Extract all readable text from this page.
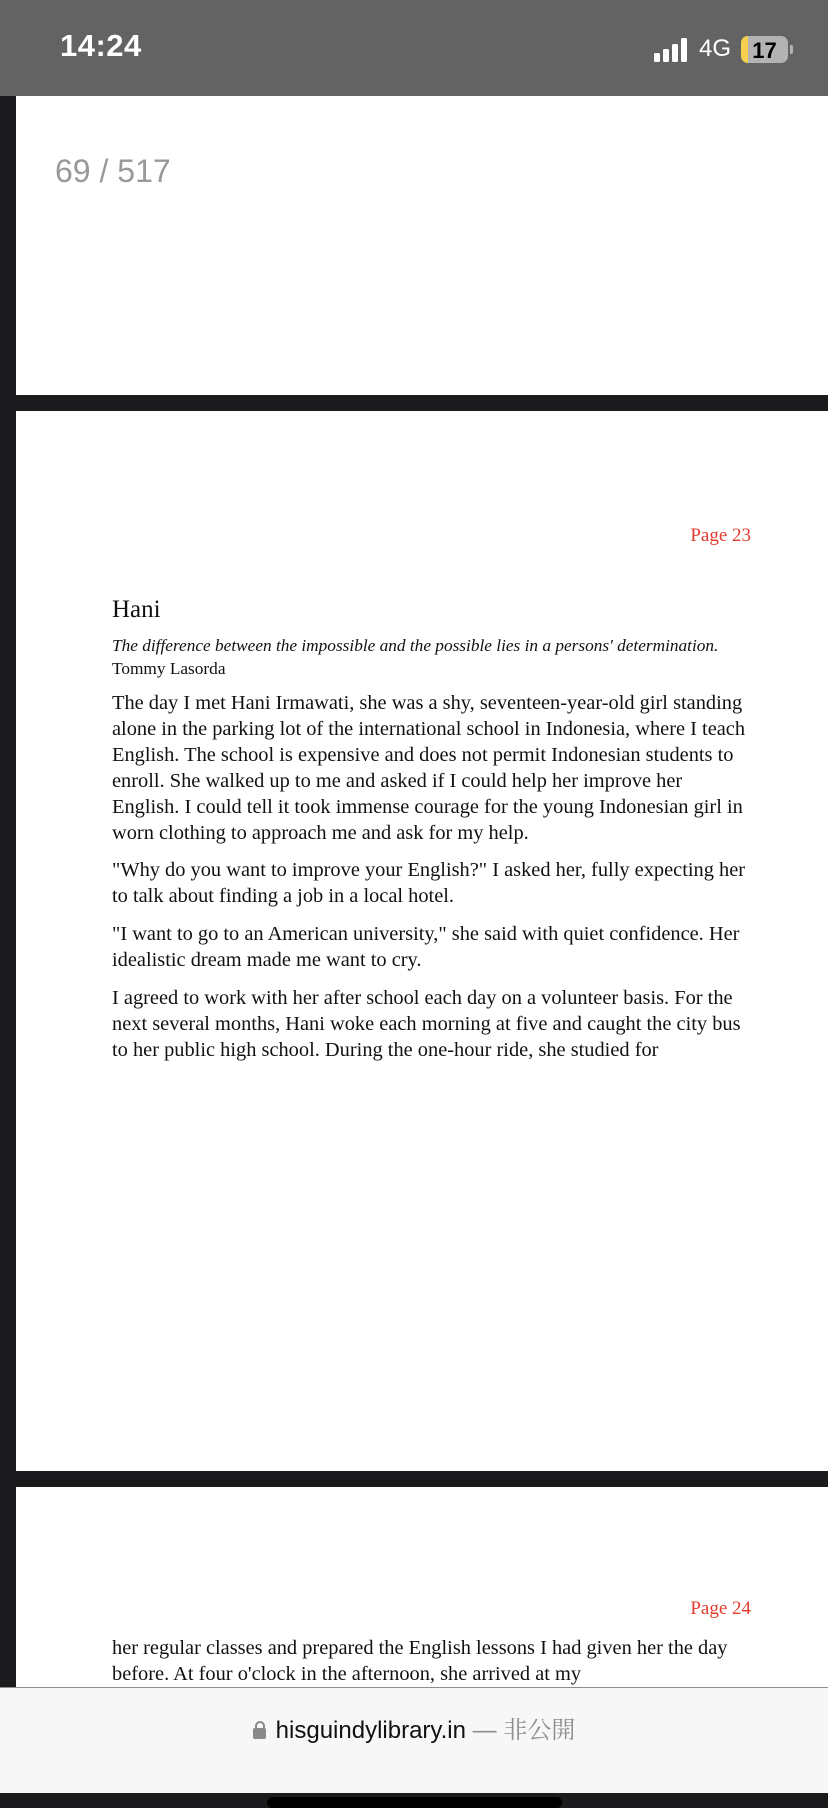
14:24	4G 17
69 / 517
Page 23
Hani

The difference between the impossible and the possible lies in a persons' determination.

Tommy Lasorda

The day I met Hani Irmawati, she was a shy, seventeen-year-old girl standing alone in the parking lot of the international school in Indonesia, where I teach English. The school is expensive and does not permit Indonesian students to enroll. She walked up to me and asked if I could help her improve her English. I could tell it took immense courage for the young Indonesian girl in worn clothing to approach me and ask for my help.

"Why do you want to improve your English?" I asked her, fully expecting her to talk about finding a job in a local hotel.

"I want to go to an American university," she said with quiet confidence. Her idealistic dream made me want to cry.

I agreed to work with her after school each day on a volunteer basis. For the next several months, Hani woke each morning at five and caught the city bus to her public high school. During the one-hour ride, she studied for

Page 24

her regular classes and prepared the English lessons I had given her the day before. At four o'clock in the afternoon, she arrived at my

hisguindylibrary.in — 非公開
